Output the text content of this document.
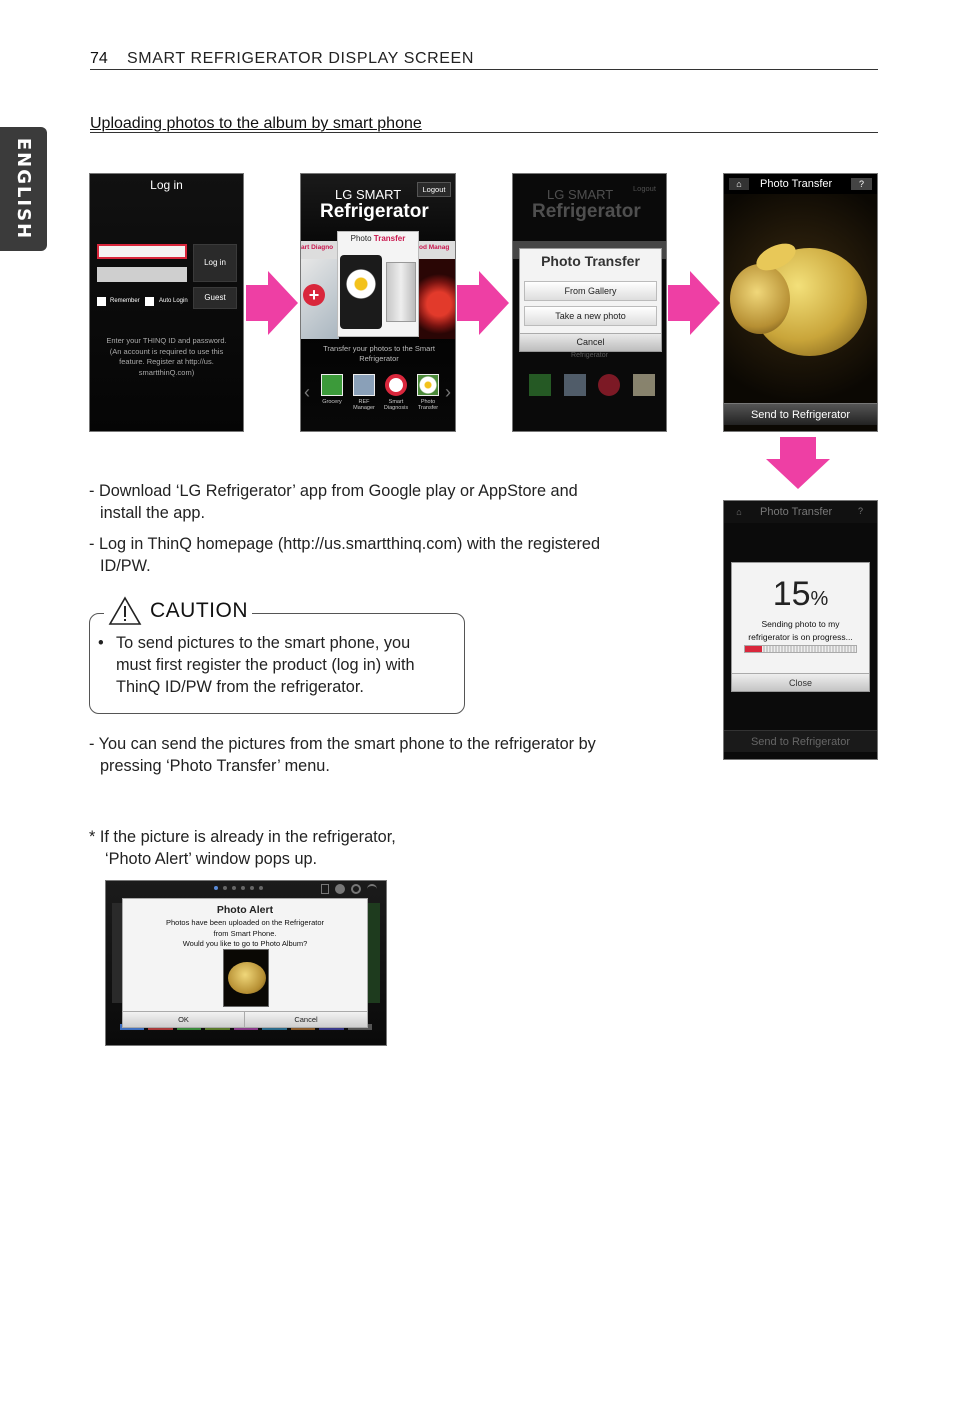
74 SMART REFRIGERATOR DISPLAY SCREEN
ENGLISH
Uploading photos to the album by smart phone
Log in
Log in
Guest
Remember	Auto Login
Enter your THINQ ID and password.
(An account is required to use this
feature. Register at http://us.
smartthinQ.com)
LG SMART
Refrigerator
Logout
art Diagno	od Manag
+
Photo Transfer
Transfer your photos to the Smart
Refrigerator
‹	›
Grocery	REF Manager
Smart Diagnosis
Photo Transfer
LG SMART
Refrigerator
Logout
Refrigerator
Photo Transfer
From Gallery
Take a new photo
Cancel
⌂	Photo Transfer	?
Send to Refrigerator
⌂	Photo Transfer	?
15%
Sending photo to my
refrigerator is on progress...
Close
Send to Refrigerator
- Download ‘LG Refrigerator’ app from Google play or AppStore and
install the app.
- Log in ThinQ homepage (http://us.smartthinq.com) with the registered
ID/PW.
CAUTION
• To send pictures to the smart phone, you
must first register the product (log in) with
ThinQ ID/PW from the refrigerator.
- You can send the pictures from the smart phone to the refrigerator by
pressing ‘Photo Transfer’ menu.
* If the picture is already in the refrigerator,
‘Photo Alert’ window pops up.
Photo Alert
Photos have been uploaded on the Refrigerator
from Smart Phone.
Would you like to go to Photo Album?
OK	Cancel
